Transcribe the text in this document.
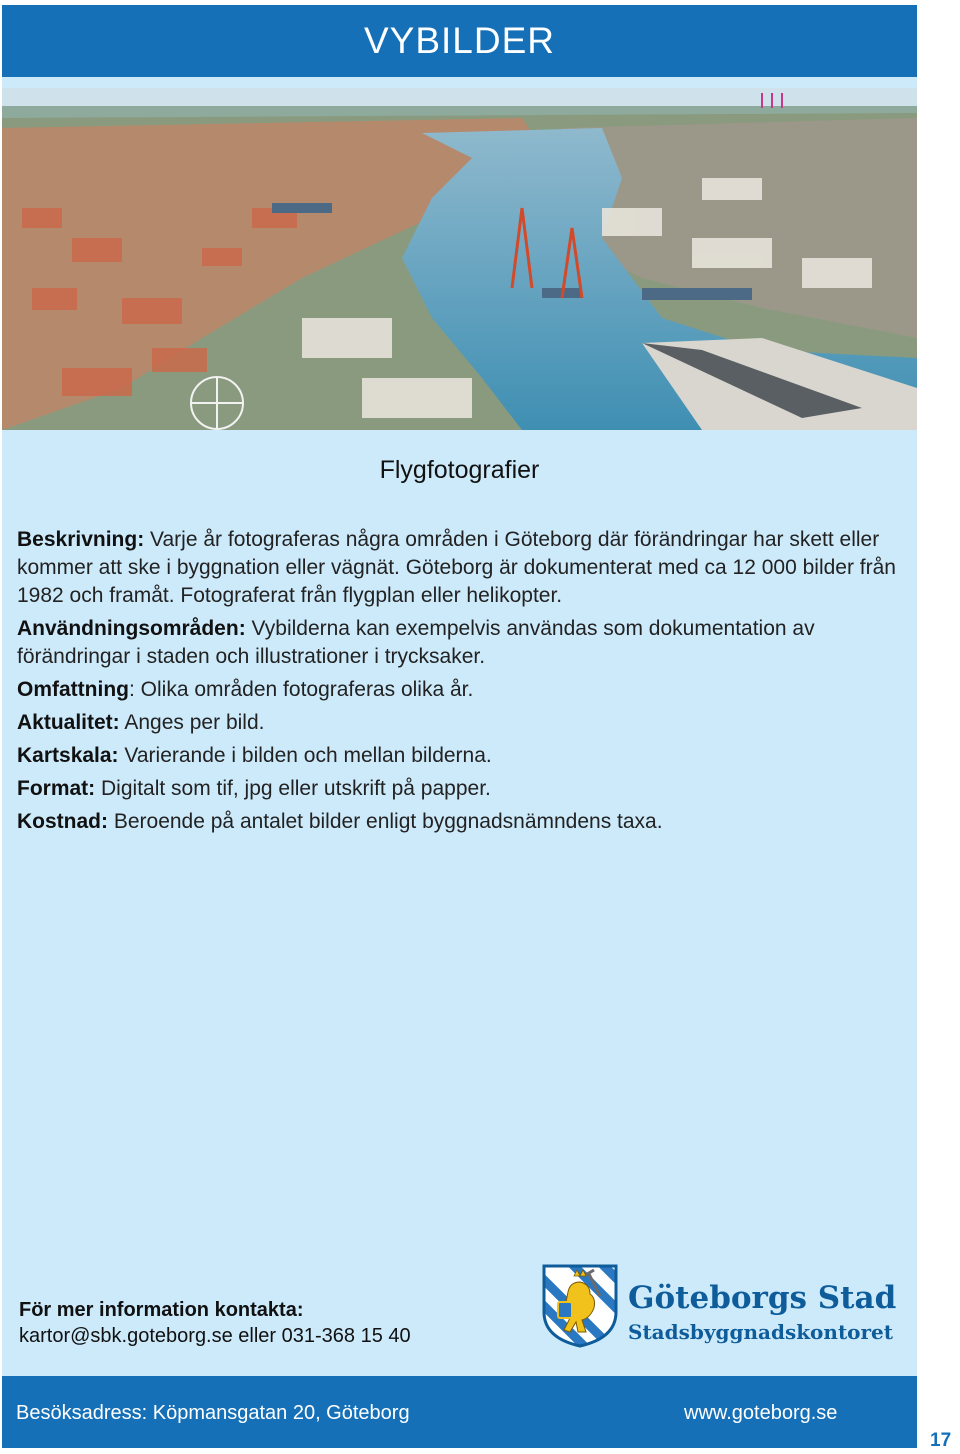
VYBILDER
Flygfotografier

Beskrivning: Varje år fotograferas några områden i Göteborg där förändringar har skett eller kommer att ske i byggnation eller vägnät. Göteborg är dokumenterat med ca 12 000 bilder från 1982 och framåt. Fotograferat från flygplan eller helikopter.

Användningsområden: Vybilderna kan exempelvis användas som dokumentation av förändringar i staden och illustrationer i trycksaker.

Omfattning: Olika områden fotograferas olika år.

Aktualitet: Anges per bild.

Kartskala: Varierande i bilden och mellan bilderna.

Format: Digitalt som tif, jpg eller utskrift på papper.

Kostnad: Beroende på antalet bilder enligt byggnadsnämndens taxa.

För mer information kontakta:
kartor@sbk.goteborg.se eller 031-368 15 40
Göteborgs Stad
Stadsbyggnadskontoret
Besöksadress: Köpmansgatan 20, Göteborg	www.goteborg.se
17
